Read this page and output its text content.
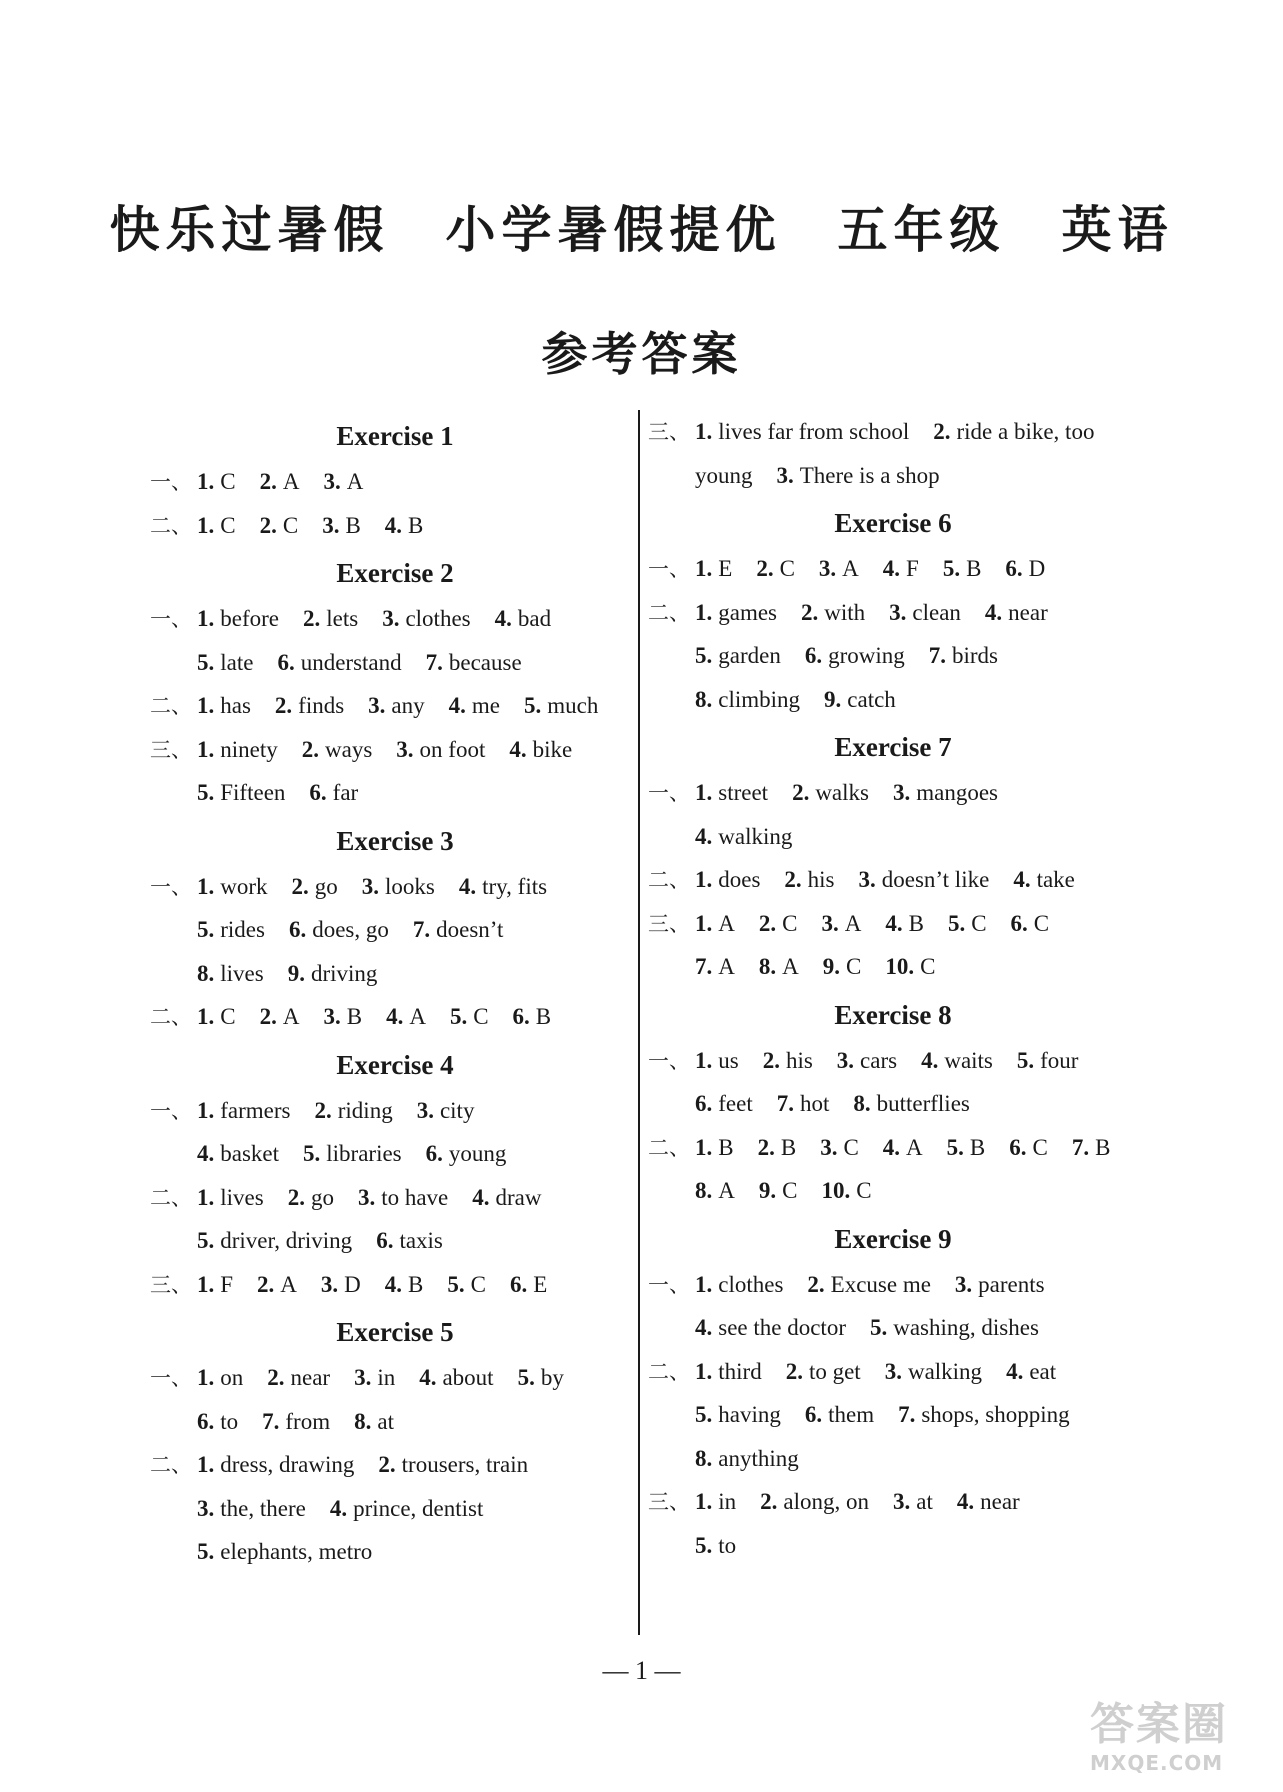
快乐过暑假　小学暑假提优　五年级　英语
参考答案
Exercise 1
一、 1. C 2. A 3. A
二、 1. C 2. C 3. B 4. B
Exercise 2
一、 1. before 2. lets 3. clothes 4. bad
5. late 6. understand 7. because
二、 1. has 2. finds 3. any 4. me 5. much
三、 1. ninety 2. ways 3. on foot 4. bike
5. Fifteen 6. far
Exercise 3
一、 1. work 2. go 3. looks 4. try, fits
5. rides 6. does, go 7. doesn’t
8. lives 9. driving
二、 1. C 2. A 3. B 4. A 5. C 6. B
Exercise 4
一、 1. farmers 2. riding 3. city
4. basket 5. libraries 6. young
二、 1. lives 2. go 3. to have 4. draw
5. driver, driving 6. taxis
三、 1. F 2. A 3. D 4. B 5. C 6. E
Exercise 5
一、 1. on 2. near 3. in 4. about 5. by
6. to 7. from 8. at
二、 1. dress, drawing 2. trousers, train
3. the, there 4. prince, dentist
5. elephants, metro
三、 1. lives far from school 2. ride a bike, too
young 3. There is a shop
Exercise 6
一、 1. E 2. C 3. A 4. F 5. B 6. D
二、 1. games 2. with 3. clean 4. near
5. garden 6. growing 7. birds
8. climbing 9. catch
Exercise 7
一、 1. street 2. walks 3. mangoes
4. walking
二、 1. does 2. his 3. doesn’t like 4. take
三、 1. A 2. C 3. A 4. B 5. C 6. C
7. A 8. A 9. C 10. C
Exercise 8
一、 1. us 2. his 3. cars 4. waits 5. four
6. feet 7. hot 8. butterflies
二、 1. B 2. B 3. C 4. A 5. B 6. C 7. B
8. A 9. C 10. C
Exercise 9
一、 1. clothes 2. Excuse me 3. parents
4. see the doctor 5. washing, dishes
二、 1. third 2. to get 3. walking 4. eat
5. having 6. them 7. shops, shopping
8. anything
三、 1. in 2. along, on 3. at 4. near
5. to
— 1 —
答案圈
MXQE.COM
